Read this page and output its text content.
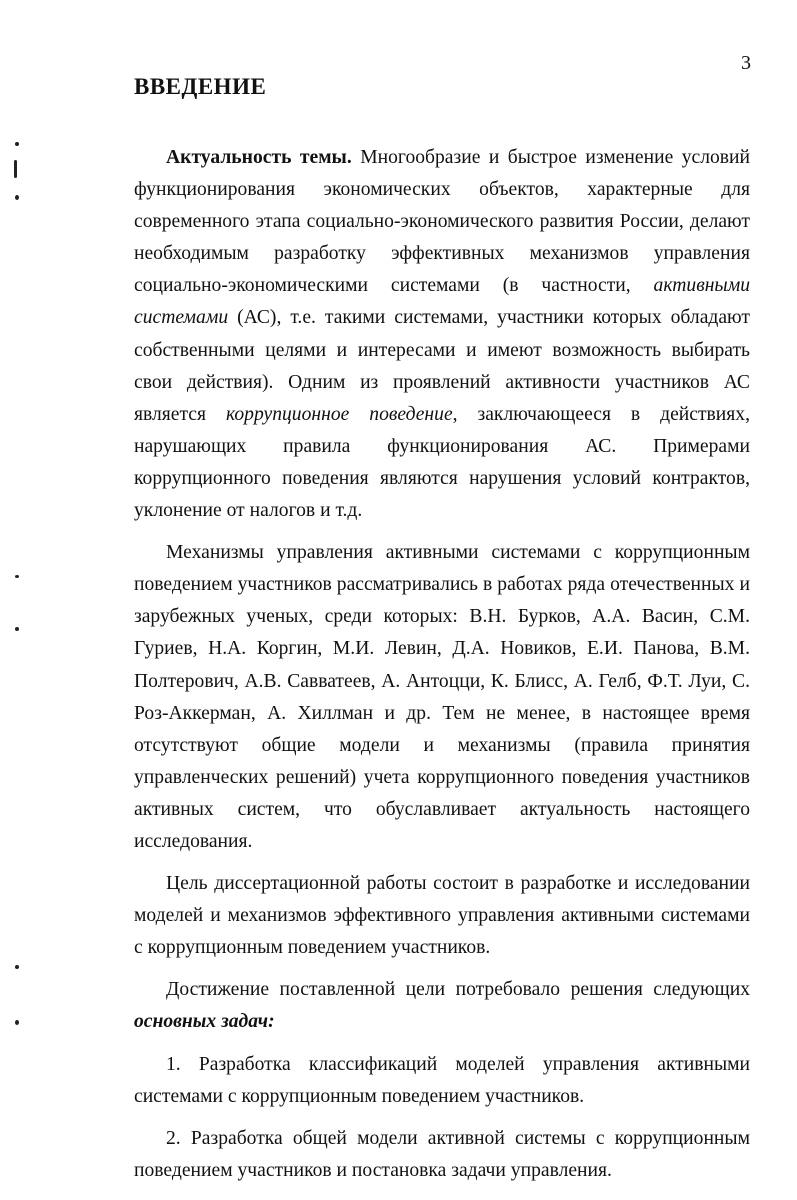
3
ВВЕДЕНИЕ

Актуальность темы. Многообразие и быстрое изменение условий функционирования экономических объектов, характерные для современного этапа социально-экономического развития России, делают необходимым разработку эффективных механизмов управления социально-экономическими системами (в частности, активными системами (АС), т.е. такими системами, участники которых обладают собственными целями и интересами и имеют возможность выбирать свои действия). Одним из проявлений активности участников АС является коррупционное поведение, заключающееся в действиях, нарушающих правила функционирования АС. Примерами коррупционного поведения являются нарушения условий контрактов, уклонение от налогов и т.д.

Механизмы управления активными системами с коррупционным поведением участников рассматривались в работах ряда отечественных и зарубежных ученых, среди которых: В.Н. Бурков, А.А. Васин, С.М. Гуриев, Н.А. Коргин, М.И. Левин, Д.А. Новиков, Е.И. Панова, В.М. Полтерович, А.В. Савватеев, А. Антоцци, К. Блисс, А. Гелб, Ф.Т. Луи, С. Роз-Аккерман, А. Хиллман и др. Тем не менее, в настоящее время отсутствуют общие модели и механизмы (правила принятия управленческих решений) учета коррупционного поведения участников активных систем, что обуславливает актуальность настоящего исследования.

Цель диссертационной работы состоит в разработке и исследовании моделей и механизмов эффективного управления активными системами с коррупционным поведением участников.

Достижение поставленной цели потребовало решения следующих основных задач:

1. Разработка классификаций моделей управления активными системами с коррупционным поведением участников.

2. Разработка общей модели активной системы с коррупционным поведением участников и постановка задачи управления.
